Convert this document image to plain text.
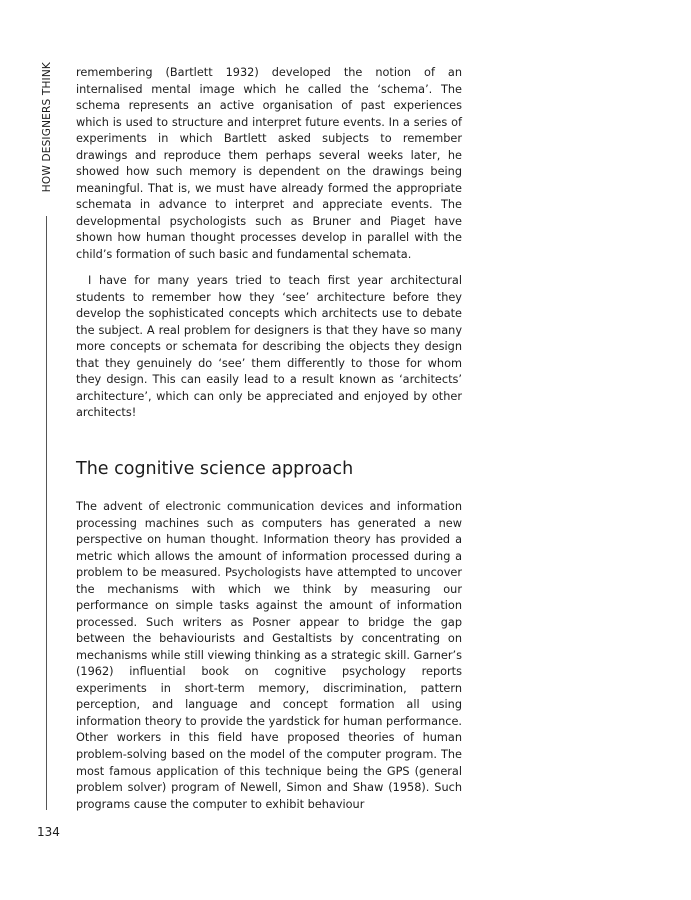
HOW DESIGNERS THINK
134

remembering (Bartlett 1932) developed the notion of an internalised mental image which he called the ‘schema’. The schema represents an active organisation of past experiences which is used to structure and interpret future events. In a series of experiments in which Bartlett asked subjects to remember drawings and reproduce them perhaps several weeks later, he showed how such memory is dependent on the drawings being meaningful. That is, we must have already formed the appropriate schemata in advance to interpret and appreciate events. The developmental psychologists such as Bruner and Piaget have shown how human thought processes develop in parallel with the child’s formation of such basic and fundamental schemata.

I have for many years tried to teach first year architectural students to remember how they ‘see’ architecture before they develop the sophisticated concepts which architects use to debate the subject. A real problem for designers is that they have so many more concepts or schemata for describing the objects they design that they genuinely do ‘see’ them differently to those for whom they design. This can easily lead to a result known as ‘architects’ architecture’, which can only be appreciated and enjoyed by other architects!

The cognitive science approach

The advent of electronic communication devices and information processing machines such as computers has generated a new perspective on human thought. Information theory has provided a metric which allows the amount of information processed during a problem to be measured. Psychologists have attempted to uncover the mechanisms with which we think by measuring our performance on simple tasks against the amount of information processed. Such writers as Posner appear to bridge the gap between the behaviourists and Gestaltists by concentrating on mechanisms while still viewing thinking as a strategic skill. Garner’s (1962) influential book on cognitive psychology reports experiments in short-term memory, discrimination, pattern perception, and language and concept formation all using information theory to provide the yardstick for human performance. Other workers in this field have proposed theories of human problem-solving based on the model of the computer program. The most famous application of this technique being the GPS (general problem solver) program of Newell, Simon and Shaw (1958). Such programs cause the computer to exhibit behaviour
